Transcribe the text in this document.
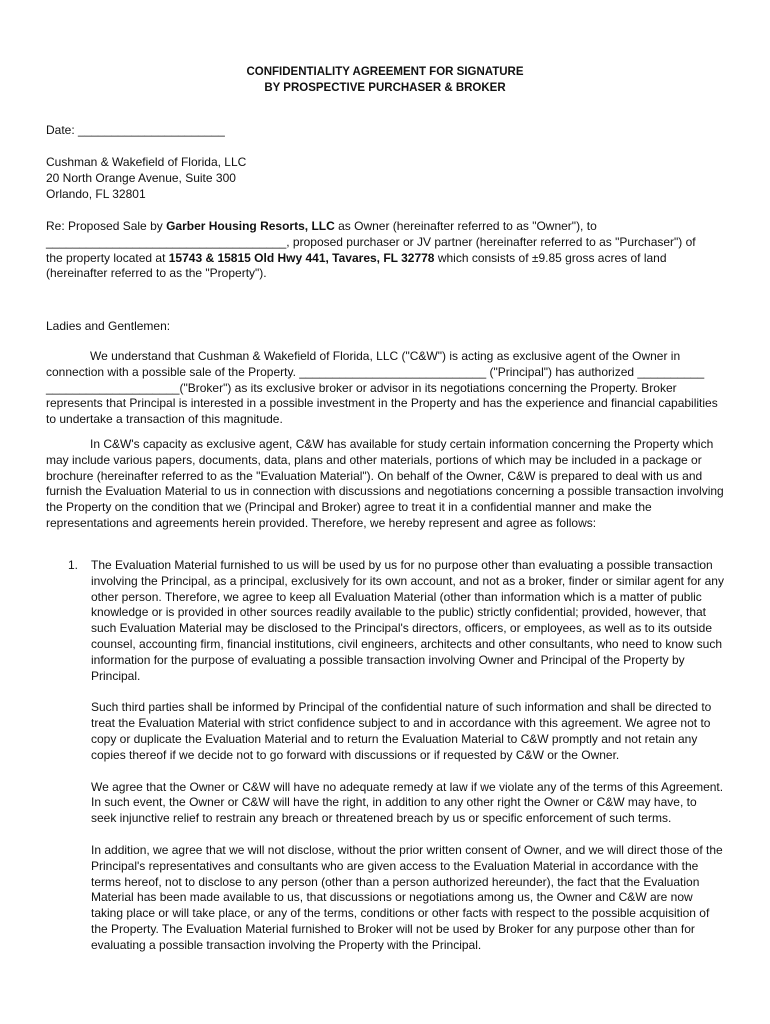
CONFIDENTIALITY AGREEMENT FOR SIGNATURE
BY PROSPECTIVE PURCHASER & BROKER
Date: ______________________
Cushman & Wakefield of Florida, LLC
20 North Orange Avenue, Suite 300
Orlando, FL 32801
Re: Proposed Sale by Garber Housing Resorts, LLC as Owner (hereinafter referred to as "Owner"), to
____________________________________, proposed purchaser or JV partner (hereinafter referred to as "Purchaser") of
the property located at 15743 & 15815 Old Hwy 441, Tavares, FL 32778 which consists of ±9.85 gross acres of land
(hereinafter referred to as the "Property").
Ladies and Gentlemen:
We understand that Cushman & Wakefield of Florida, LLC ("C&W") is acting as exclusive agent of the Owner in connection with a possible sale of the Property. ____________________________ ("Principal") has authorized __________ ____________________("Broker") as its exclusive broker or advisor in its negotiations concerning the Property. Broker represents that Principal is interested in a possible investment in the Property and has the experience and financial capabilities to undertake a transaction of this magnitude.
In C&W's capacity as exclusive agent, C&W has available for study certain information concerning the Property which may include various papers, documents, data, plans and other materials, portions of which may be included in a package or brochure (hereinafter referred to as the "Evaluation Material"). On behalf of the Owner, C&W is prepared to deal with us and furnish the Evaluation Material to us in connection with discussions and negotiations concerning a possible transaction involving the Property on the condition that we (Principal and Broker) agree to treat it in a confidential manner and make the representations and agreements herein provided. Therefore, we hereby represent and agree as follows:
1. The Evaluation Material furnished to us will be used by us for no purpose other than evaluating a possible transaction involving the Principal, as a principal, exclusively for its own account, and not as a broker, finder or similar agent for any other person. Therefore, we agree to keep all Evaluation Material (other than information which is a matter of public knowledge or is provided in other sources readily available to the public) strictly confidential; provided, however, that such Evaluation Material may be disclosed to the Principal's directors, officers, or employees, as well as to its outside counsel, accounting firm, financial institutions, civil engineers, architects and other consultants, who need to know such information for the purpose of evaluating a possible transaction involving Owner and Principal of the Property by Principal.

Such third parties shall be informed by Principal of the confidential nature of such information and shall be directed to treat the Evaluation Material with strict confidence subject to and in accordance with this agreement. We agree not to copy or duplicate the Evaluation Material and to return the Evaluation Material to C&W promptly and not retain any copies thereof if we decide not to go forward with discussions or if requested by C&W or the Owner.

We agree that the Owner or C&W will have no adequate remedy at law if we violate any of the terms of this Agreement. In such event, the Owner or C&W will have the right, in addition to any other right the Owner or C&W may have, to seek injunctive relief to restrain any breach or threatened breach by us or specific enforcement of such terms.

In addition, we agree that we will not disclose, without the prior written consent of Owner, and we will direct those of the Principal's representatives and consultants who are given access to the Evaluation Material in accordance with the terms hereof, not to disclose to any person (other than a person authorized hereunder), the fact that the Evaluation Material has been made available to us, that discussions or negotiations among us, the Owner and C&W are now taking place or will take place, or any of the terms, conditions or other facts with respect to the possible acquisition of the Property. The Evaluation Material furnished to Broker will not be used by Broker for any purpose other than for evaluating a possible transaction involving the Property with the Principal.
